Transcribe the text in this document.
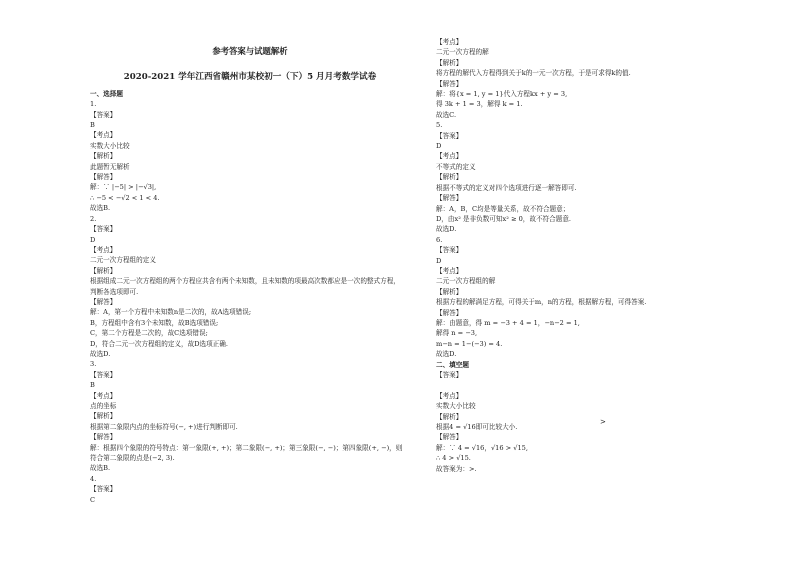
参考答案与试题解析
2020-2021 学年江西省赣州市某校初一（下）5 月月考数学试卷
一、选择题
1.
【答案】
B
【考点】
实数大小比较
【解析】
此题暂无解析
【解答】
解：∵ |−5| > |−√3|,
∴ −5 < −√2 < 1 < 4.
故选B.
2.
【答案】
D
【考点】
二元一次方程组的定义
【解析】
根据组成二元一次方程组的两个方程应共含有两个未知数，且未知数的项最高次数都应是一次的整式方程，
判断各选项即可.
【解答】
解：A，第一个方程中未知数n是二次的，故A选项错误;
B，方程组中含有3个未知数，故B选项错误;
C，第二个方程是二次的，故C选项错误;
D，符合二元一次方程组的定义，故D选项正确.
故选D.
3.
【答案】
B
【考点】
点的坐标
【解析】
根据第二象限内点的坐标符号(−, +)进行判断即可.
【解答】
解：根据四个象限的符号特点：第一象限(+, +)；第二象限(−, +)；第三象限(−, −)；第四象限(+, −)，则
符合第二象限的点是(−2, 3).
故选B.
4.
【答案】
C
【考点】
二元一次方程的解
【解析】
将方程的解代入方程得到关于k的一元一次方程，于是可求得k的值.
【解答】
解：将{x = 1, y = 1}代入方程kx + y = 3,
得 3k + 1 = 3，解得 k = 1.
故选C.
5.
【答案】
D
【考点】
不等式的定义
【解析】
根据不等式的定义对四个选项进行逐一解答即可.
【解答】
解：A，B，C均是等量关系，故不符合题意；
D，由x² 是非负数可知x² ≥ 0，故不符合题意.
故选D.
6.
【答案】
D
【考点】
二元一次方程组的解
【解析】
根据方程的解满足方程，可得关于m，n的方程，根据解方程，可得答案.
【解答】
解：由题意，得 m = −3 + 4 = 1，−n−2 = 1,
解得 n = −3,
m−n = 1−(−3) = 4.
故选D.
二、填空题
【答案】

【考点】
实数大小比较
【解析】
根据4 = √16即可比较大小.
【解答】
解：∵ 4 = √16，√16 > √15,
∴ 4 > √15.
故答案为：>.
>
